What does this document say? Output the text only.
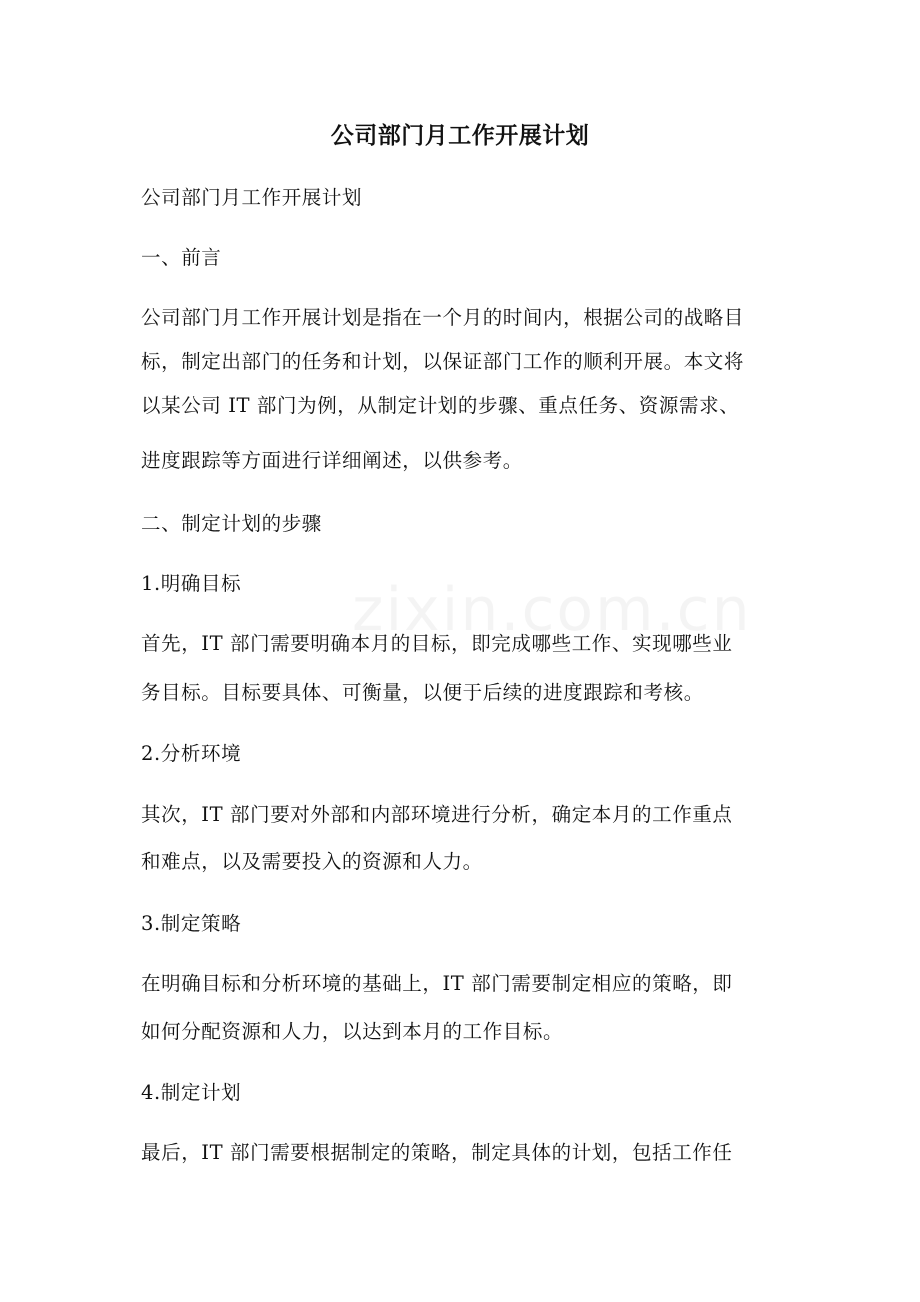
公司部门月工作开展计划
公司部门月工作开展计划
一、前言
公司部门月工作开展计划是指在一个月的时间内，根据公司的战略目
标，制定出部门的任务和计划，以保证部门工作的顺利开展。本文将
以某公司 IT 部门为例，从制定计划的步骤、重点任务、资源需求、
进度跟踪等方面进行详细阐述，以供参考。
二、制定计划的步骤
1.明确目标
首先，IT 部门需要明确本月的目标，即完成哪些工作、实现哪些业
务目标。目标要具体、可衡量，以便于后续的进度跟踪和考核。
2.分析环境
其次，IT 部门要对外部和内部环境进行分析，确定本月的工作重点
和难点，以及需要投入的资源和人力。
3.制定策略
在明确目标和分析环境的基础上，IT 部门需要制定相应的策略，即
如何分配资源和人力，以达到本月的工作目标。
4.制定计划
最后，IT 部门需要根据制定的策略，制定具体的计划，包括工作任
